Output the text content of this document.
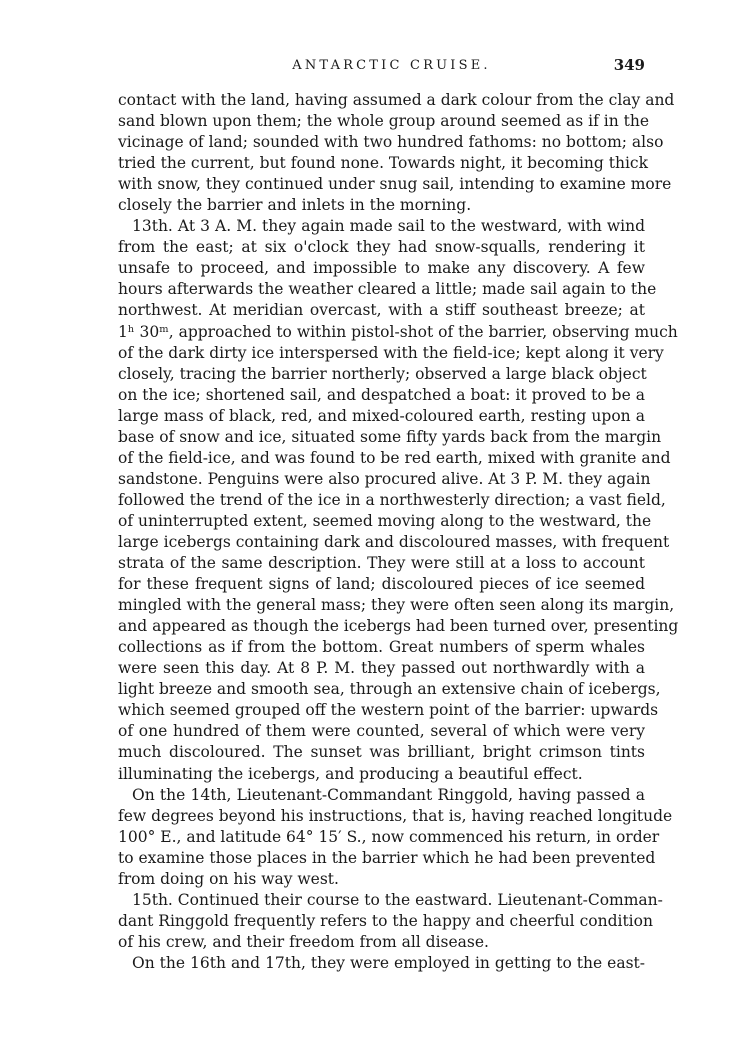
ANTARCTIC CRUISE.	349
contact with the land, having assumed a dark colour from the clay and
sand blown upon them; the whole group around seemed as if in the
vicinage of land; sounded with two hundred fathoms: no bottom; also
tried the current, but found none. Towards night, it becoming thick
with snow, they continued under snug sail, intending to examine more
closely the barrier and inlets in the morning.
13th. At 3 A. M. they again made sail to the westward, with wind
from the east; at six o'clock they had snow-squalls, rendering it
unsafe to proceed, and impossible to make any discovery. A few
hours afterwards the weather cleared a little; made sail again to the
northwest. At meridian overcast, with a stiff southeast breeze; at
1ʰ 30ᵐ, approached to within pistol-shot of the barrier, observing much
of the dark dirty ice interspersed with the field-ice; kept along it very
closely, tracing the barrier northerly; observed a large black object
on the ice; shortened sail, and despatched a boat: it proved to be a
large mass of black, red, and mixed-coloured earth, resting upon a
base of snow and ice, situated some fifty yards back from the margin
of the field-ice, and was found to be red earth, mixed with granite and
sandstone. Penguins were also procured alive. At 3 P. M. they again
followed the trend of the ice in a northwesterly direction; a vast field,
of uninterrupted extent, seemed moving along to the westward, the
large icebergs containing dark and discoloured masses, with frequent
strata of the same description. They were still at a loss to account
for these frequent signs of land; discoloured pieces of ice seemed
mingled with the general mass; they were often seen along its margin,
and appeared as though the icebergs had been turned over, presenting
collections as if from the bottom. Great numbers of sperm whales
were seen this day. At 8 P. M. they passed out northwardly with a
light breeze and smooth sea, through an extensive chain of icebergs,
which seemed grouped off the western point of the barrier: upwards
of one hundred of them were counted, several of which were very
much discoloured. The sunset was brilliant, bright crimson tints
illuminating the icebergs, and producing a beautiful effect.
On the 14th, Lieutenant-Commandant Ringgold, having passed a
few degrees beyond his instructions, that is, having reached longitude
100° E., and latitude 64° 15′ S., now commenced his return, in order
to examine those places in the barrier which he had been prevented
from doing on his way west.
15th. Continued their course to the eastward. Lieutenant-Comman-
dant Ringgold frequently refers to the happy and cheerful condition
of his crew, and their freedom from all disease.
On the 16th and 17th, they were employed in getting to the east-
